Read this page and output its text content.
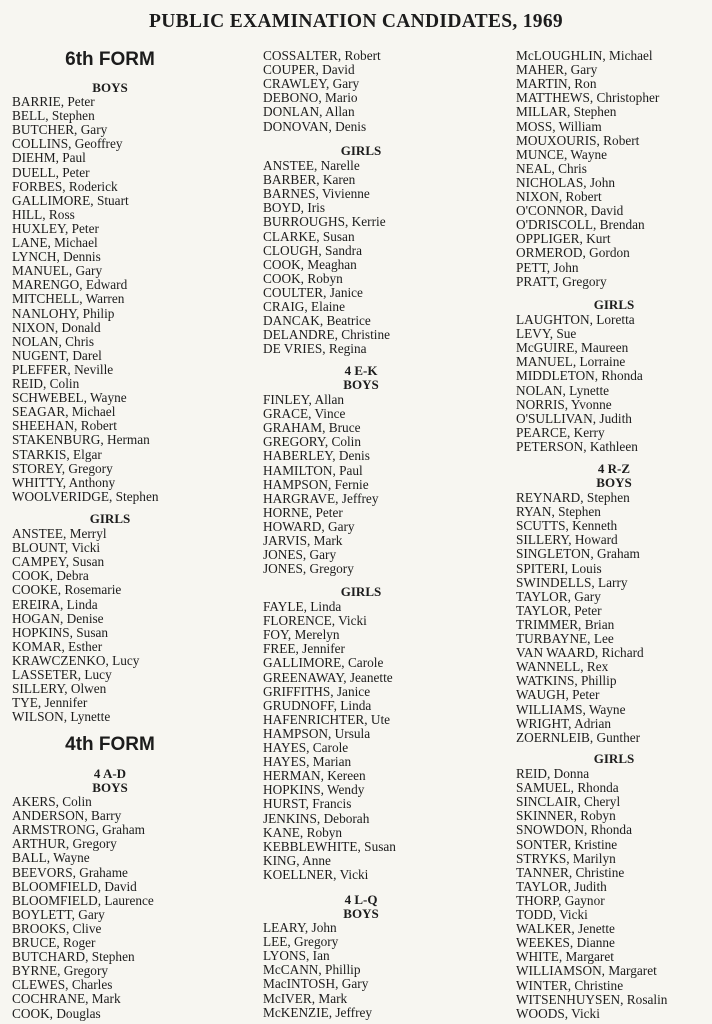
PUBLIC EXAMINATION CANDIDATES, 1969
6th FORM
BOYS
BARRIE, Peter
BELL, Stephen
BUTCHER, Gary
COLLINS, Geoffrey
DIEHM, Paul
DUELL, Peter
FORBES, Roderick
GALLIMORE, Stuart
HILL, Ross
HUXLEY, Peter
LANE, Michael
LYNCH, Dennis
MANUEL, Gary
MARENGO, Edward
MITCHELL, Warren
NANLOHY, Philip
NIXON, Donald
NOLAN, Chris
NUGENT, Darel
PLEFFER, Neville
REID, Colin
SCHWEBEL, Wayne
SEAGAR, Michael
SHEEHAN, Robert
STAKENBURG, Herman
STARKIS, Elgar
STOREY, Gregory
WHITTY, Anthony
WOOLVERIDGE, Stephen
GIRLS
ANSTEE, Merryl
BLOUNT, Vicki
CAMPEY, Susan
COOK, Debra
COOKE, Rosemarie
EREIRA, Linda
HOGAN, Denise
HOPKINS, Susan
KOMAR, Esther
KRAWCZENKO, Lucy
LASSETER, Lucy
SILLERY, Olwen
TYE, Jennifer
WILSON, Lynette
4th FORM
4 A-D
BOYS
AKERS, Colin
ANDERSON, Barry
ARMSTRONG, Graham
ARTHUR, Gregory
BALL, Wayne
BEEVORS, Grahame
BLOOMFIELD, David
BLOOMFIELD, Laurence
BOYLETT, Gary
BROOKS, Clive
BRUCE, Roger
BUTCHARD, Stephen
BYRNE, Gregory
CLEWES, Charles
COCHRANE, Mark
COOK, Douglas
COSSALTER, Robert
COUPER, David
CRAWLEY, Gary
DEBONO, Mario
DONLAN, Allan
DONOVAN, Denis
GIRLS
ANSTEE, Narelle
BARBER, Karen
BARNES, Vivienne
BOYD, Iris
BURROUGHS, Kerrie
CLARKE, Susan
CLOUGH, Sandra
COOK, Meaghan
COOK, Robyn
COULTER, Janice
CRAIG, Elaine
DANCAK, Beatrice
DELANDRE, Christine
DE VRIES, Regina
4 E-K
BOYS
FINLEY, Allan
GRACE, Vince
GRAHAM, Bruce
GREGORY, Colin
HABERLEY, Denis
HAMILTON, Paul
HAMPSON, Fernie
HARGRAVE, Jeffrey
HORNE, Peter
HOWARD, Gary
JARVIS, Mark
JONES, Gary
JONES, Gregory
GIRLS
FAYLE, Linda
FLORENCE, Vicki
FOY, Merelyn
FREE, Jennifer
GALLIMORE, Carole
GREENAWAY, Jeanette
GRIFFITHS, Janice
GRUDNOFF, Linda
HAFENRICHTER, Ute
HAMPSON, Ursula
HAYES, Carole
HAYES, Marian
HERMAN, Kereen
HOPKINS, Wendy
HURST, Francis
JENKINS, Deborah
KANE, Robyn
KEBBLEWHITE, Susan
KING, Anne
KOELLNER, Vicki
4 L-Q
BOYS
LEARY, John
LEE, Gregory
LYONS, Ian
McCANN, Phillip
MacINTOSH, Gary
McIVER, Mark
McKENZIE, Jeffrey
McLOUGHLIN, Michael
MAHER, Gary
MARTIN, Ron
MATTHEWS, Christopher
MILLAR, Stephen
MOSS, William
MOUXOURIS, Robert
MUNCE, Wayne
NEAL, Chris
NICHOLAS, John
NIXON, Robert
O'CONNOR, David
O'DRISCOLL, Brendan
OPPLIGER, Kurt
ORMEROD, Gordon
PETT, John
PRATT, Gregory
GIRLS
LAUGHTON, Loretta
LEVY, Sue
McGUIRE, Maureen
MANUEL, Lorraine
MIDDLETON, Rhonda
NOLAN, Lynette
NORRIS, Yvonne
O'SULLIVAN, Judith
PEARCE, Kerry
PETERSON, Kathleen
4 R-Z
BOYS
REYNARD, Stephen
RYAN, Stephen
SCUTTS, Kenneth
SILLERY, Howard
SINGLETON, Graham
SPITERI, Louis
SWINDELLS, Larry
TAYLOR, Gary
TAYLOR, Peter
TRIMMER, Brian
TURBAYNE, Lee
VAN WAARD, Richard
WANNELL, Rex
WATKINS, Phillip
WAUGH, Peter
WILLIAMS, Wayne
WRIGHT, Adrian
ZOERNLEIB, Gunther
GIRLS
REID, Donna
SAMUEL, Rhonda
SINCLAIR, Cheryl
SKINNER, Robyn
SNOWDON, Rhonda
SONTER, Kristine
STRYKS, Marilyn
TANNER, Christine
TAYLOR, Judith
THORP, Gaynor
TODD, Vicki
WALKER, Jenette
WEEKES, Dianne
WHITE, Margaret
WILLIAMSON, Margaret
WINTER, Christine
WITSENHUYSEN, Rosalin
WOODS, Vicki
